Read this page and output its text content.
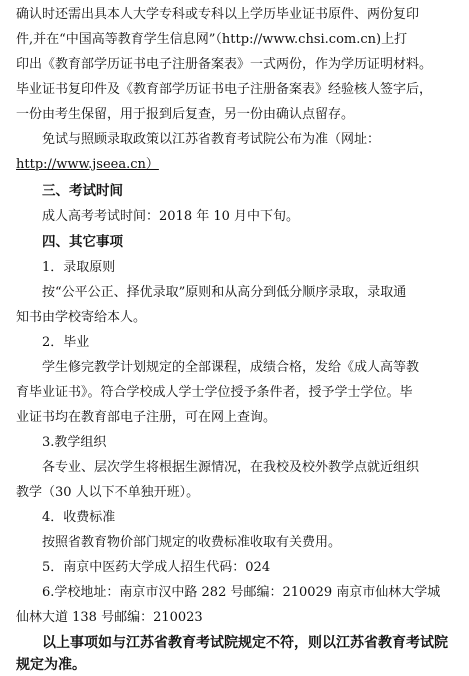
确认时还需出具本人大学专科或专科以上学历毕业证书原件、两份复印
件,并在“中国高等教育学生信息网”（http://www.chsi.com.cn)上打
印出《教育部学历证书电子注册备案表》一式两份，作为学历证明材料。
毕业证书复印件及《教育部学历证书电子注册备案表》经验核人签字后，
一份由考生保留，用于报到后复查，另一份由确认点留存。
免试与照顾录取政策以江苏省教育考试院公布为准（网址：
http://www.jseea.cn）
三、考试时间
成人高考考试时间：2018 年 10 月中下旬。
四、其它事项
1．录取原则
按“公平公正、择优录取”原则和从高分到低分顺序录取，录取通
知书由学校寄给本人。
2．毕业
学生修完教学计划规定的全部课程，成绩合格，发给《成人高等教
育毕业证书》。符合学校成人学士学位授予条件者，授予学士学位。毕
业证书均在教育部电子注册，可在网上查询。
3.教学组织
各专业、层次学生将根据生源情况，在我校及校外教学点就近组织
教学（30 人以下不单独开班）。
4．收费标准
按照省教育物价部门规定的收费标准收取有关费用。
5．南京中医药大学成人招生代码：024
6.学校地址：南京市汉中路 282 号邮编：210029 南京市仙林大学城
仙林大道 138 号邮编：210023
以上事项如与江苏省教育考试院规定不符，则以江苏省教育考试院
规定为准。
